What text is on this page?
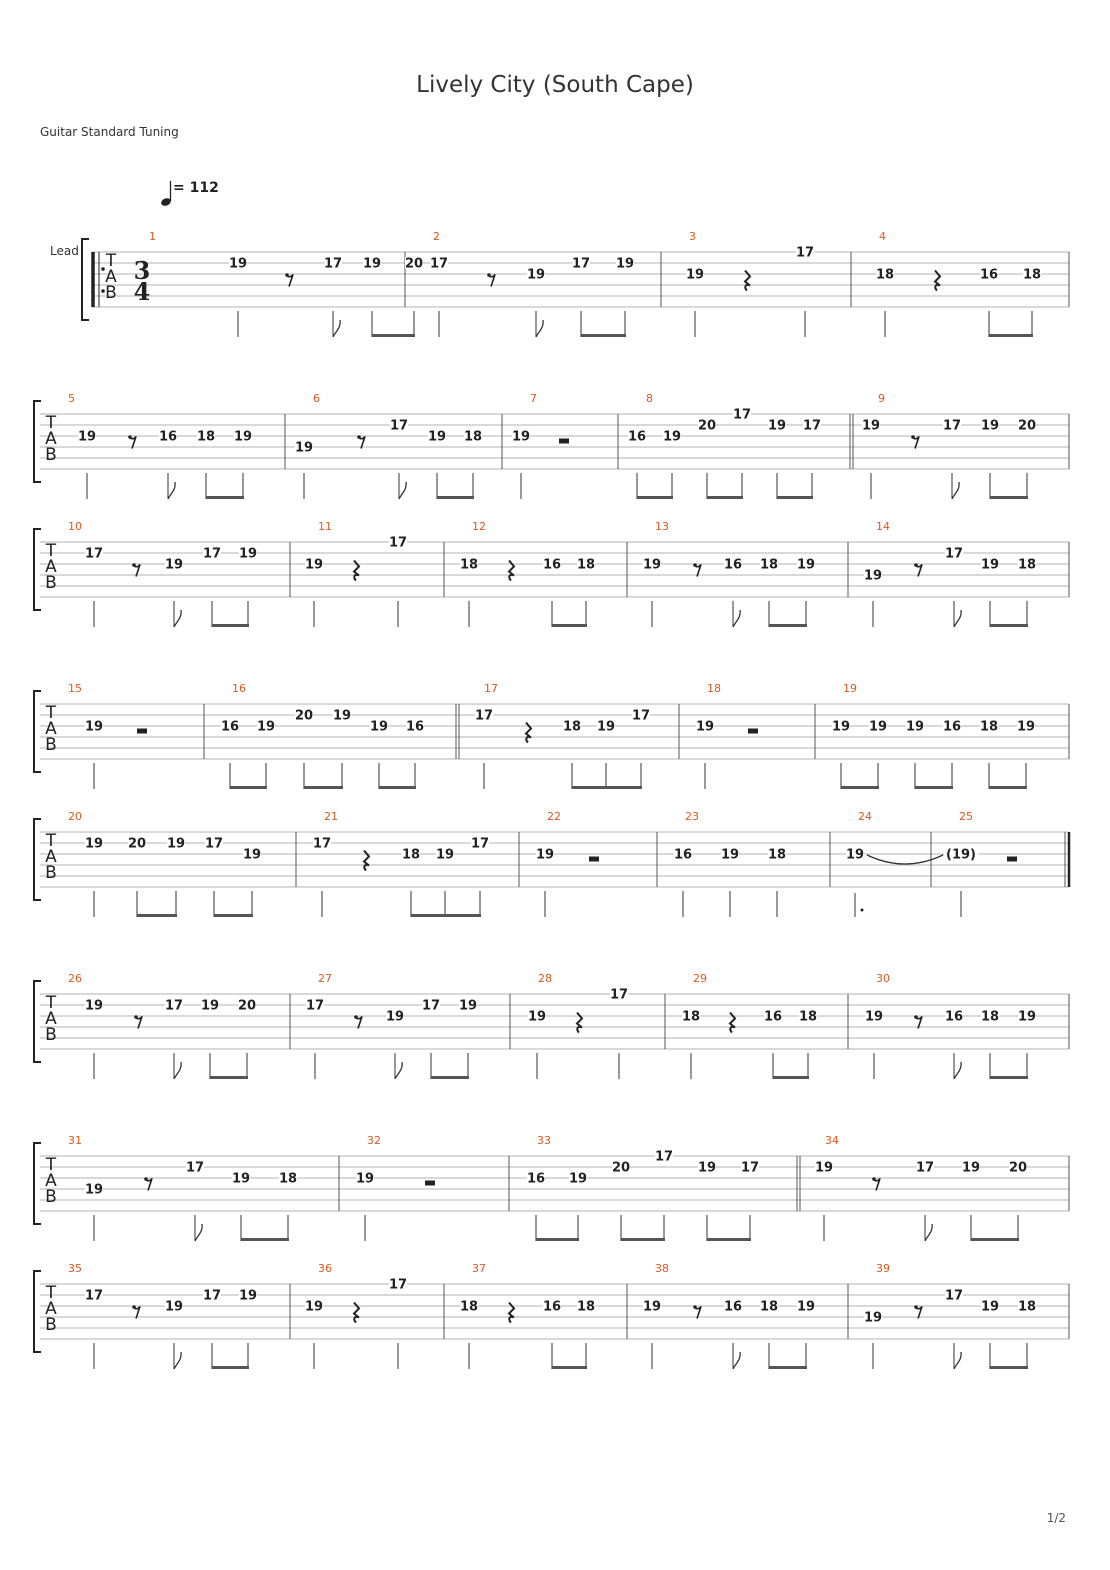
Lively City (South Cape)
Guitar Standard Tuning
= 112
1/2
T
A
B
Lead
3
4
1
19	17 19 20
2
17
19
17 19
3
19
17
4
18	16 18
T
A
B
5
19	16 18 19
6
19
17
19 18
7
19
8
16 19
20
17
19 17
9
19	17 19 20
T
A
B
10
17
19
17 19
11
19
17
12
18	16 18
13
19	16 18 19
14
19
17
19 18
T
A
B
15
19
16
16 19
20 19
19 16
17
17
18 19
17
18
19
19
19 19 19 16 18 19
T
A
B
20
19 20 19 17
19
21
17
18 19
17
22
19
23
16 19 18
24
19
25
(19)
T
A
B
26
19	17 19 20
27
17
19
17 19
28
19
17
29
18	16 18
30
19	16 18 19
T
A
B
31
19
17
19 18
32
19
33
16 19
20
17
19 17
34
19	17 19 20
T
A
B
35
17
19
17 19
36
19
17
37
18	16 18
38
19	16 18 19
39
19
17
19 18
